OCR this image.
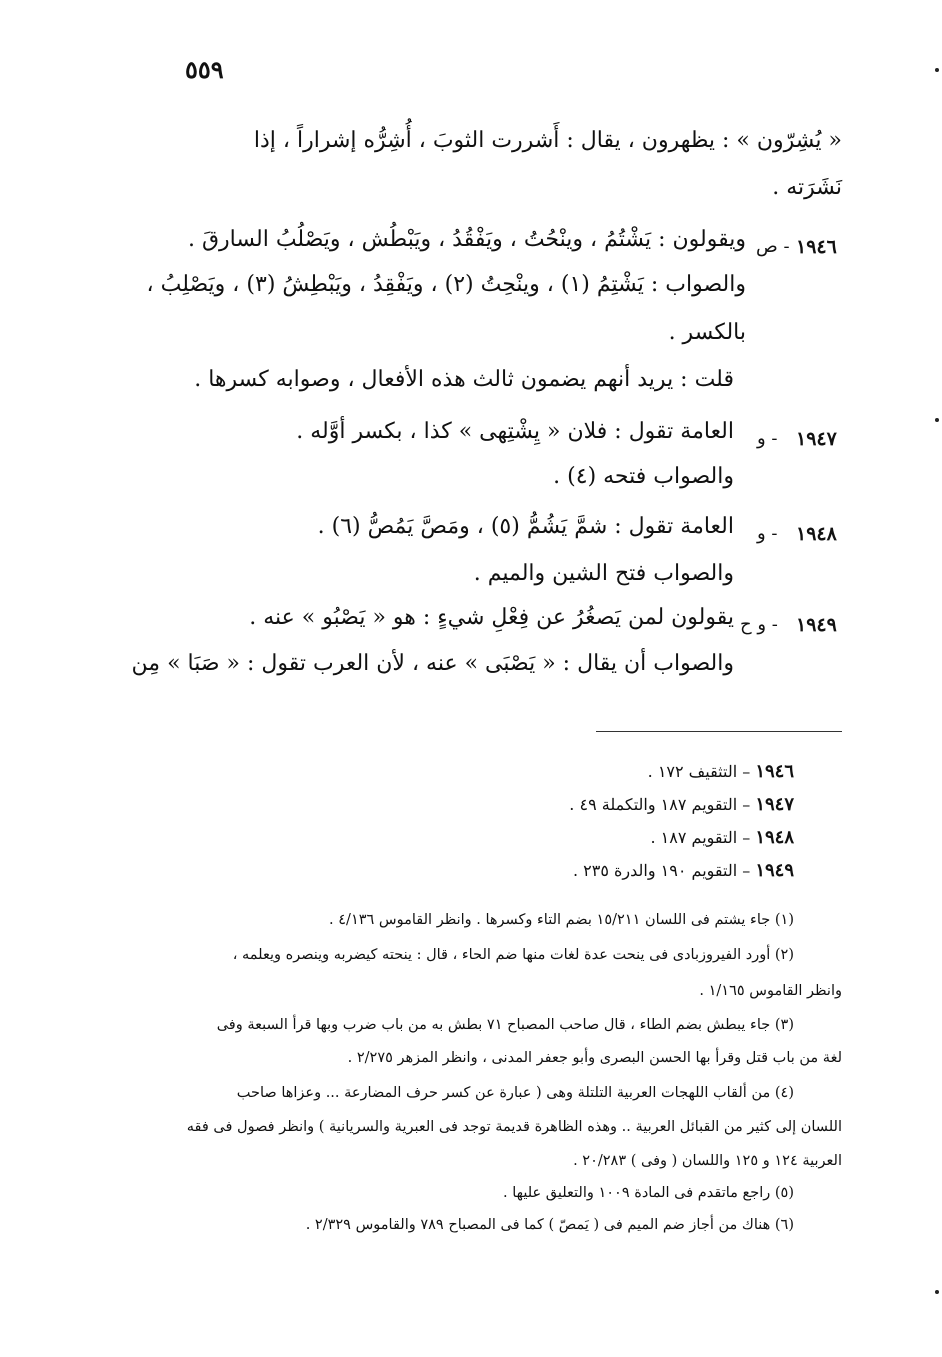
٥٥٩
« يُشِرّون » : يظهرون ، يقال : أَشررت الثوبَ ، أُشِرُّه إشراراً ، إذا
نَشَرَته .
١٩٤٦
- ص
ويقولون : يَشْتُمُ ، وينْحُتُ ، ويَفْقُدُ ، ويَبْطُش ، ويَصْلُبُ السارقَ .
والصواب : يَشْتِمُ (١) ، وينْحِتُ (٢) ، ويَفْقِدُ ، ويَبْطِشُ (٣) ، ويَصْلِبُ ،
بالكسر .
قلت : يريد أنهم يضمون ثالث هذه الأفعال ، وصوابه كسرها .
١٩٤٧
- و
العامة تقول : فلان « يِشْتِهى » كذا ، بكسر أوَّله .
والصواب فتحه (٤) .
١٩٤٨
- و
العامة تقول : شمَّ يَشُمُّ (٥) ، ومَصَّ يَمُصُّ (٦) .
والصواب فتح الشين والميم .
١٩٤٩
- و ح
يقولون لمن يَصغُرُ عن فِعْلِ شيءٍ : هو « يَصْبُو » عنه .
والصواب أن يقال : « يَصْبَى » عنه ، لأن العرب تقول : « صَبَا » مِن
١٩٤٦ – التثقيف ١٧٢ .
١٩٤٧ – التقويم ١٨٧ والتكملة ٤٩ .
١٩٤٨ – التقويم ١٨٧ .
١٩٤٩ – التقويم ١٩٠ والدرة ٢٣٥ .
(١) جاء يشتم فى اللسان ١٥/٢١١ بضم التاء وكسرها . وانظر القاموس ٤/١٣٦ .
(٢) أورد الفيروزبادى فى ينحت عدة لغات منها ضم الحاء ، قال : ينحته كيضربه وينصره ويعلمه ،
وانظر القاموس ١/١٦٥ .
(٣) جاء يبطش بضم الطاء ، قال صاحب المصباح ٧١ بطش به من باب ضرب وبها قرأ السبعة وفى
لغة من باب قتل وقرأ بها الحسن البصرى وأبو جعفر المدنى ، وانظر المزهر ٢/٢٧٥ .
(٤) من ألقاب اللهجات العربية التلتلة وهى ( عبارة عن كسر حرف المضارعة ... وعزاها صاحب
اللسان إلى كثير من القبائل العربية .. وهذه الظاهرة قديمة توجد فى العبرية والسريانية ) وانظر فصول فى فقه
العربية ١٢٤ و ١٢٥ واللسان ( وفى ) ٢٠/٢٨٣ .
(٥) راجع ماتقدم فى المادة ١٠٠٩ والتعليق عليها .
(٦) هناك من أجاز ضم الميم فى ( يَمصّ ) كما فى المصباح ٧٨٩ والقاموس ٢/٣٢٩ .
